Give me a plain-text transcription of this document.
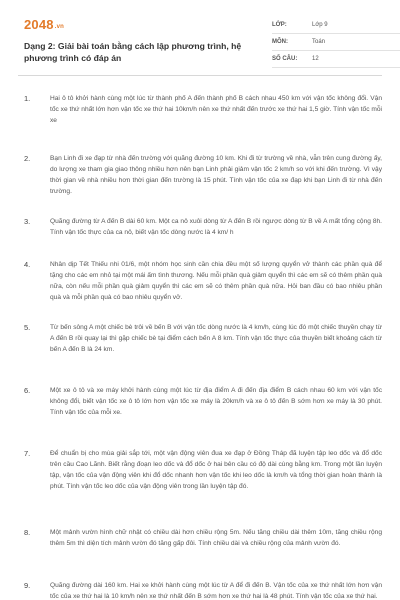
2048.vn
Dạng 2: Giải bài toán bằng cách lập phương trình, hệ phương trình có đáp án
LỚP:	Lớp 9
MÔN:	Toán
SỐ CÂU:	12
1.	Hai ô tô khởi hành cùng một lúc từ thành phố A đến thành phố B cách nhau 450 km với vận tốc không đổi. Vận tốc xe thứ nhất lớn hơn vận tốc xe thứ hai 10km/h nên xe thứ nhất đến trước xe thứ hai 1,5 giờ. Tính vận tốc mỗi xe
2.	Bạn Linh đi xe đạp từ nhà đến trường với quãng đường 10 km. Khi đi từ trường về nhà, vẫn trên cung đường ấy, do lượng xe tham gia giao thông nhiều hơn nên bạn Linh phải giảm vận tốc 2 km/h so với khi đến trường. Vì vậy thời gian về nhà nhiều hơn thời gian đến trường là 15 phút. Tính vận tốc của xe đạp khi bạn Linh đi từ nhà đến trường.
3.	Quãng đường từ A đến B dài 60 km. Một ca nô xuôi dòng từ A đến B rồi ngược dòng từ B về A mất tổng cộng 8h. Tính vận tốc thực của ca nô, biết vận tốc dòng nước là 4 km/ h
4.	Nhân dịp Tết Thiếu nhi 01/6, một nhóm học sinh cần chia đều một số lượng quyển vở thành các phần quà để tặng cho các em nhỏ tại một mái ấm tình thương. Nếu mỗi phần quà giảm quyển thì các em sẽ có thêm phần quà nữa, còn nếu mỗi phần quà giảm quyển thì các em sẽ có thêm phần quà nữa. Hỏi ban đầu có bao nhiêu phần quà và mỗi phần quà có bao nhiêu quyển vở.
5.	Từ bến sông A một chiếc bè trôi về bến B với vận tốc dòng nước là 4 km/h, cùng lúc đó một chiếc thuyền chạy từ A đến B rồi quay lại thì gặp chiếc bè tại điểm cách bến A 8 km. Tính vận tốc thực của thuyền biết khoảng cách từ bến A đến B là 24 km.
6.	Một xe ô tô và xe máy khởi hành cùng một lúc từ địa điểm A đi đến địa điểm B cách nhau 60 km với vận tốc không đổi, biết vận tốc xe ô tô lớn hơn vận tốc xe máy là 20km/h và xe ô tô đến B sớm hơn xe máy là 30 phút. Tính vận tốc của mỗi xe.
7.	Để chuẩn bị cho mùa giải sắp tới, một vận động viên đua xe đạp ở Đồng Tháp đã luyện tập leo dốc và đổ dốc trên cầu Cao Lãnh. Biết rằng đoạn leo dốc và đổ dốc ở hai bên cầu có độ dài cùng bằng km. Trong một lần luyện tập, vận tốc của vận động viên khi đổ dốc nhanh hơn vận tốc khi leo dốc là km/h và tổng thời gian hoàn thành là phút. Tính vận tốc leo dốc của vận động viên trong lần luyện tập đó.
8.	Một mảnh vườn hình chữ nhật có chiều dài hơn chiều rộng 5m. Nếu tăng chiều dài thêm 10m, tăng chiều rộng thêm 5m thì diện tích mảnh vườn đó tăng gấp đôi. Tính chiều dài và chiều rộng của mảnh vườn đó.
9.	Quãng đường dài 160 km. Hai xe khởi hành cùng một lúc từ A để đi đến B. Vận tốc của xe thứ nhất lớn hơn vận tốc của xe thứ hai là 10 km/h nên xe thứ nhất đến B sớm hơn xe thứ hai là 48 phút. Tính vận tốc của xe thứ hai.
